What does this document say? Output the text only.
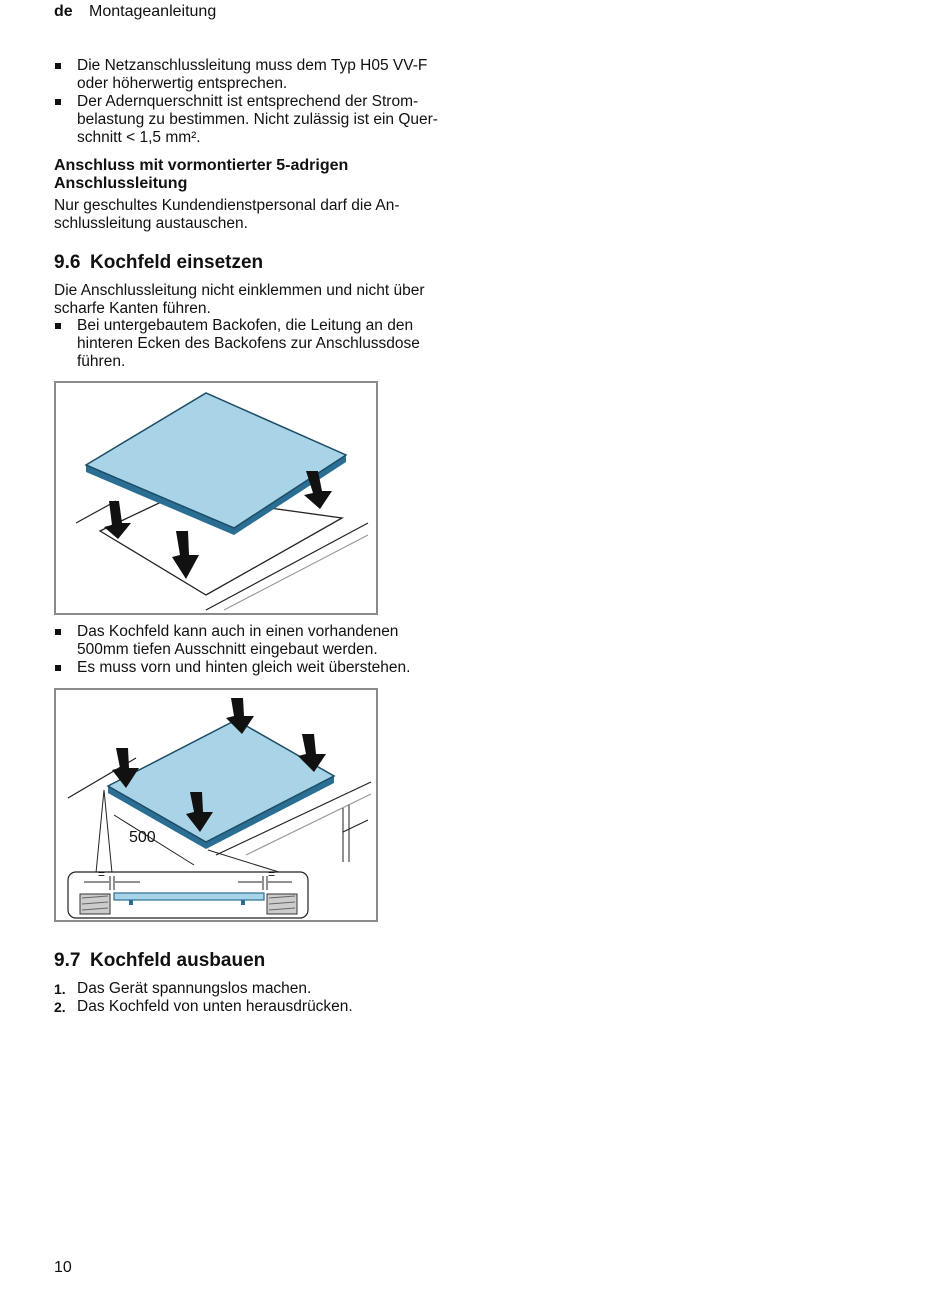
de Montageanleitung
Die Netzanschlussleitung muss dem Typ H05 VV-F
oder höherwertig entsprechen.
Der Adernquerschnitt ist entsprechend der Strom-
belastung zu bestimmen. Nicht zulässig ist ein Quer-
schnitt < 1,5 mm².
Anschluss mit vormontierter 5-adrigen
Anschlussleitung
Nur geschultes Kundendienstpersonal darf die An-
schlussleitung austauschen.
9.6 Kochfeld einsetzen
Die Anschlussleitung nicht einklemmen und nicht über
scharfe Kanten führen.
Bei untergebautem Backofen, die Leitung an den
hinteren Ecken des Backofens zur Anschlussdose
führen.
Das Kochfeld kann auch in einen vorhandenen
500mm tiefen Ausschnitt eingebaut werden.
Es muss vorn und hinten gleich weit überstehen.
500
=	=
9.7 Kochfeld ausbauen
1. Das Gerät spannungslos machen.
2. Das Kochfeld von unten herausdrücken.
10
